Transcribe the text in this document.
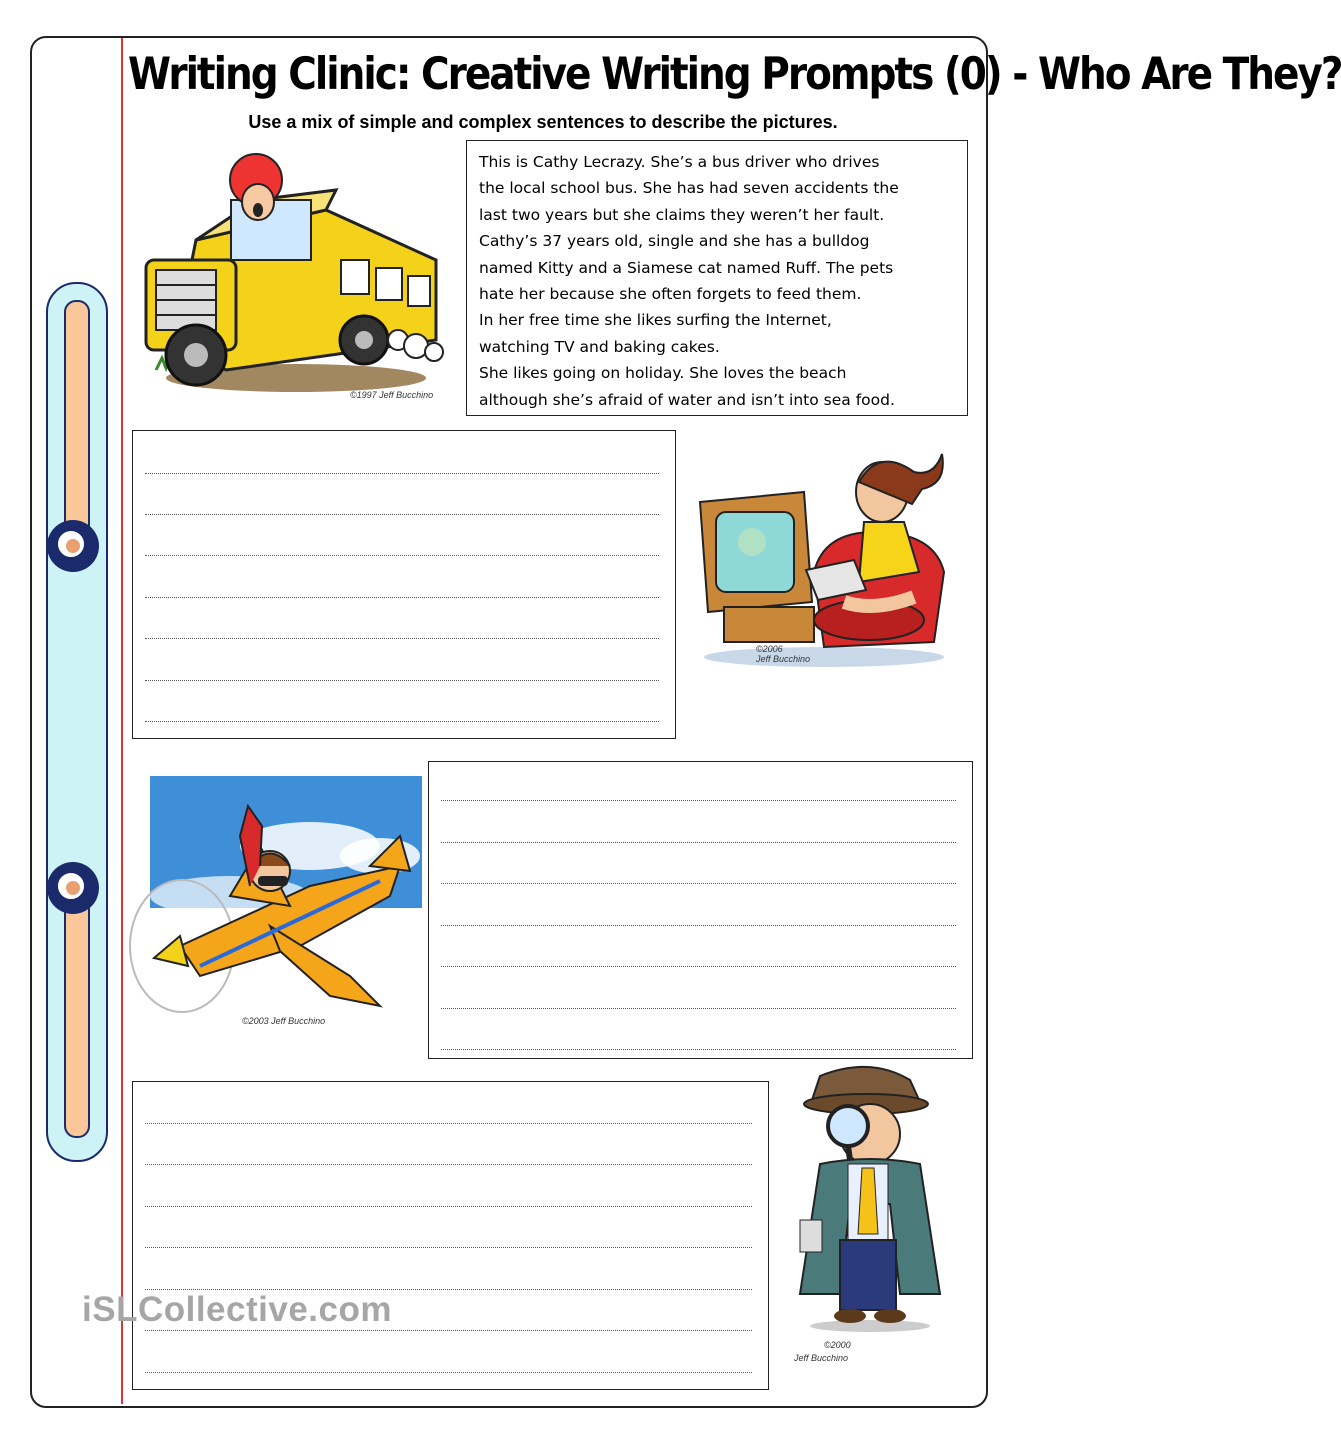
Writing Clinic: Creative Writing Prompts (0) - Who Are They?
Use a mix of simple and complex sentences to describe the pictures.
©1997 Jeff Bucchino

This is Cathy Lecrazy. She’s a bus driver who drives

the local school bus. She has had seven accidents the

last two years but she claims they weren’t her fault.

Cathy’s 37 years old, single and she has a bulldog

named Kitty and a Siamese cat named Ruff. The pets

hate her because she often forgets to feed them.

In her free time she likes surfing the Internet,

watching TV and baking cakes.

She likes going on holiday. She loves the beach

although she’s afraid of water and isn’t into sea food.

©2006
Jeff Bucchino
©2003 Jeff Bucchino
©2000
Jeff Bucchino
iSLCollective.com
